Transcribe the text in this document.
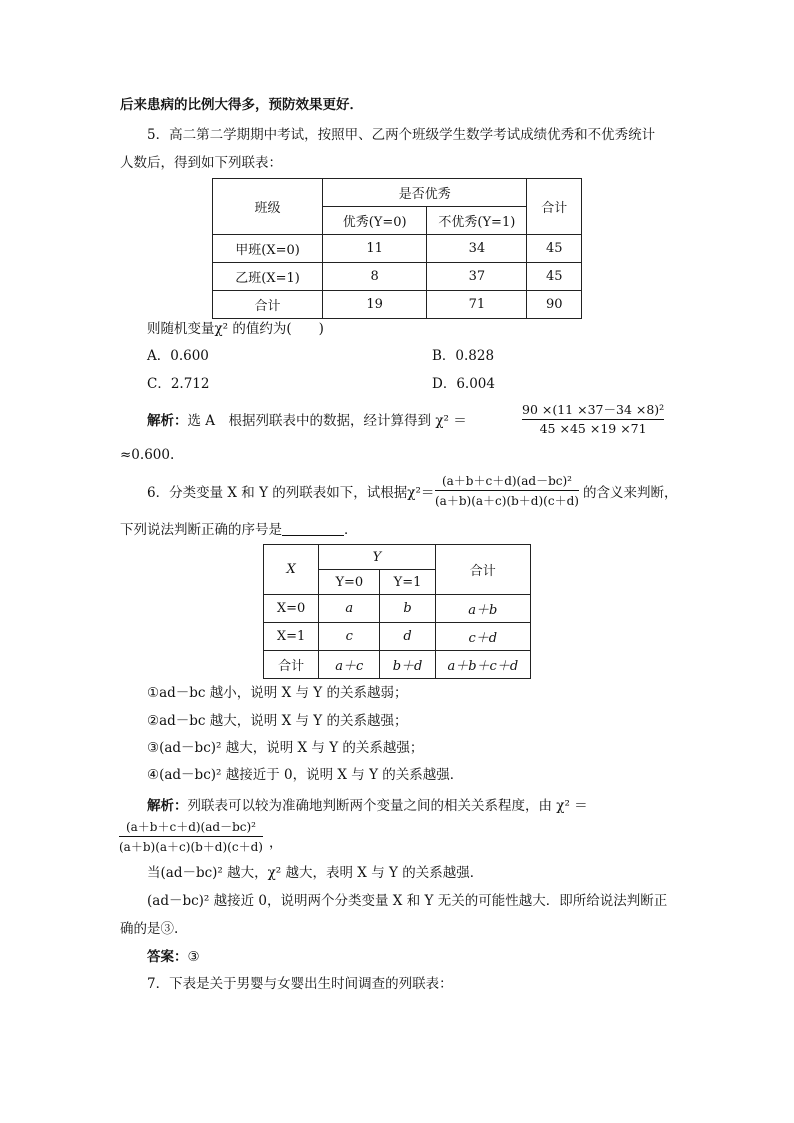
后来患病的比例大得多，预防效果更好．
5．高二第二学期期中考试，按照甲、乙两个班级学生数学考试成绩优秀和不优秀统计
人数后，得到如下列联表：
班级	是否优秀		合计
	优秀(Y=0)	不优秀(Y=1)	
甲班(X=0)	11	34	45
乙班(X=1)	8	37	45
合计	19	71	90
则随机变量χ² 的值约为(　　)
A．0.600	B．0.828
C．2.712	D．6.004
解析：选 A　根据列联表中的数据，经计算得到 χ² ＝
90 ×(11 ×37－34 ×8)²
45 ×45 ×19 ×71
≈0.600.
6．分类变量 X 和 Y 的列联表如下，试根据χ²＝
(a＋b＋c＋d)(ad－bc)²
(a＋b)(a＋c)(b＋d)(c＋d) 的含义来判断，
下列说法判断正确的序号是	．
X	Y		合计
	Y=0	Y=1	
X=0	a	b	a＋b
X=1	c	d	c＋d
合计	a＋c	b＋d	a＋b＋c＋d
①ad－bc 越小，说明 X 与 Y 的关系越弱；
②ad－bc 越大，说明 X 与 Y 的关系越强；
③(ad－bc)² 越大，说明 X 与 Y 的关系越强；
④(ad－bc)² 越接近于 0，说明 X 与 Y 的关系越强．
解析：列联表可以较为准确地判断两个变量之间的相关关系程度，由 χ² ＝
(a＋b＋c＋d)(ad－bc)²
(a＋b)(a＋c)(b＋d)(c＋d) ，
当(ad－bc)² 越大，χ² 越大，表明 X 与 Y 的关系越强．
(ad－bc)² 越接近 0，说明两个分类变量 X 和 Y 无关的可能性越大．即所给说法判断正
确的是③.
答案：③
7．下表是关于男婴与女婴出生时间调查的列联表：
